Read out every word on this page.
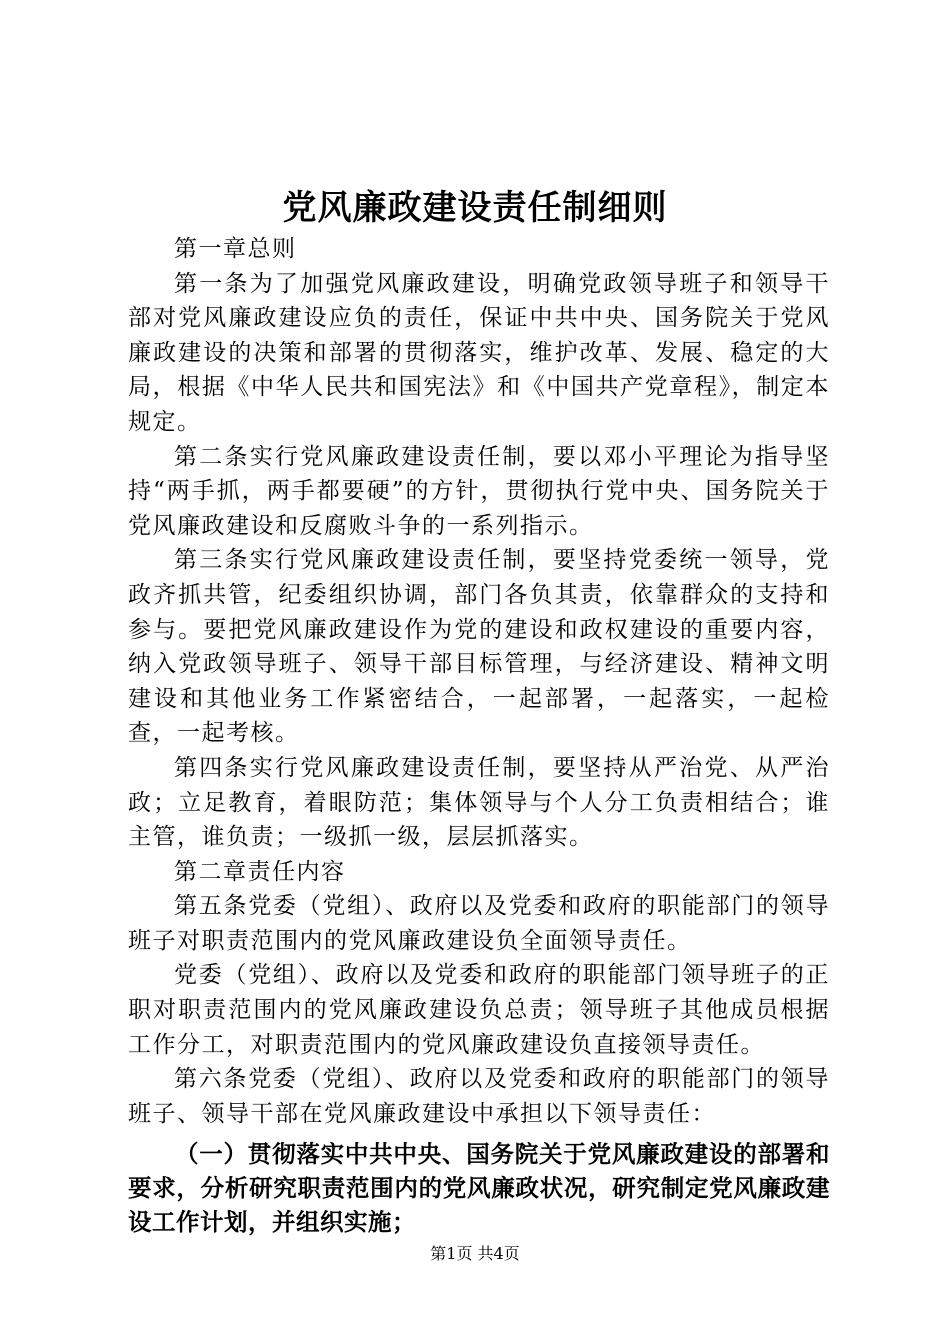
党风廉政建设责任制细则

第一章总则

第一条为了加强党风廉政建设，明确党政领导班子和领导干部对党风廉政建设应负的责任，保证中共中央、国务院关于党风廉政建设的决策和部署的贯彻落实，维护改革、发展、稳定的大局，根据《中华人民共和国宪法》和《中国共产党章程》，制定本规定。

第二条实行党风廉政建设责任制，要以邓小平理论为指导坚持“两手抓，两手都要硬”的方针，贯彻执行党中央、国务院关于党风廉政建设和反腐败斗争的一系列指示。

第三条实行党风廉政建设责任制，要坚持党委统一领导，党政齐抓共管，纪委组织协调，部门各负其责，依靠群众的支持和参与。要把党风廉政建设作为党的建设和政权建设的重要内容，纳入党政领导班子、领导干部目标管理，与经济建设、精神文明建设和其他业务工作紧密结合，一起部署，一起落实，一起检查，一起考核。

第四条实行党风廉政建设责任制，要坚持从严治党、从严治政；立足教育，着眼防范；集体领导与个人分工负责相结合；谁主管，谁负责；一级抓一级，层层抓落实。

第二章责任内容

第五条党委（党组）、政府以及党委和政府的职能部门的领导班子对职责范围内的党风廉政建设负全面领导责任。

党委（党组）、政府以及党委和政府的职能部门领导班子的正职对职责范围内的党风廉政建设负总责；领导班子其他成员根据工作分工，对职责范围内的党风廉政建设负直接领导责任。

第六条党委（党组）、政府以及党委和政府的职能部门的领导班子、领导干部在党风廉政建设中承担以下领导责任：

（一）贯彻落实中共中央、国务院关于党风廉政建设的部署和要求，分析研究职责范围内的党风廉政状况，研究制定党风廉政建设工作计划，并组织实施；

第1页 共4页
